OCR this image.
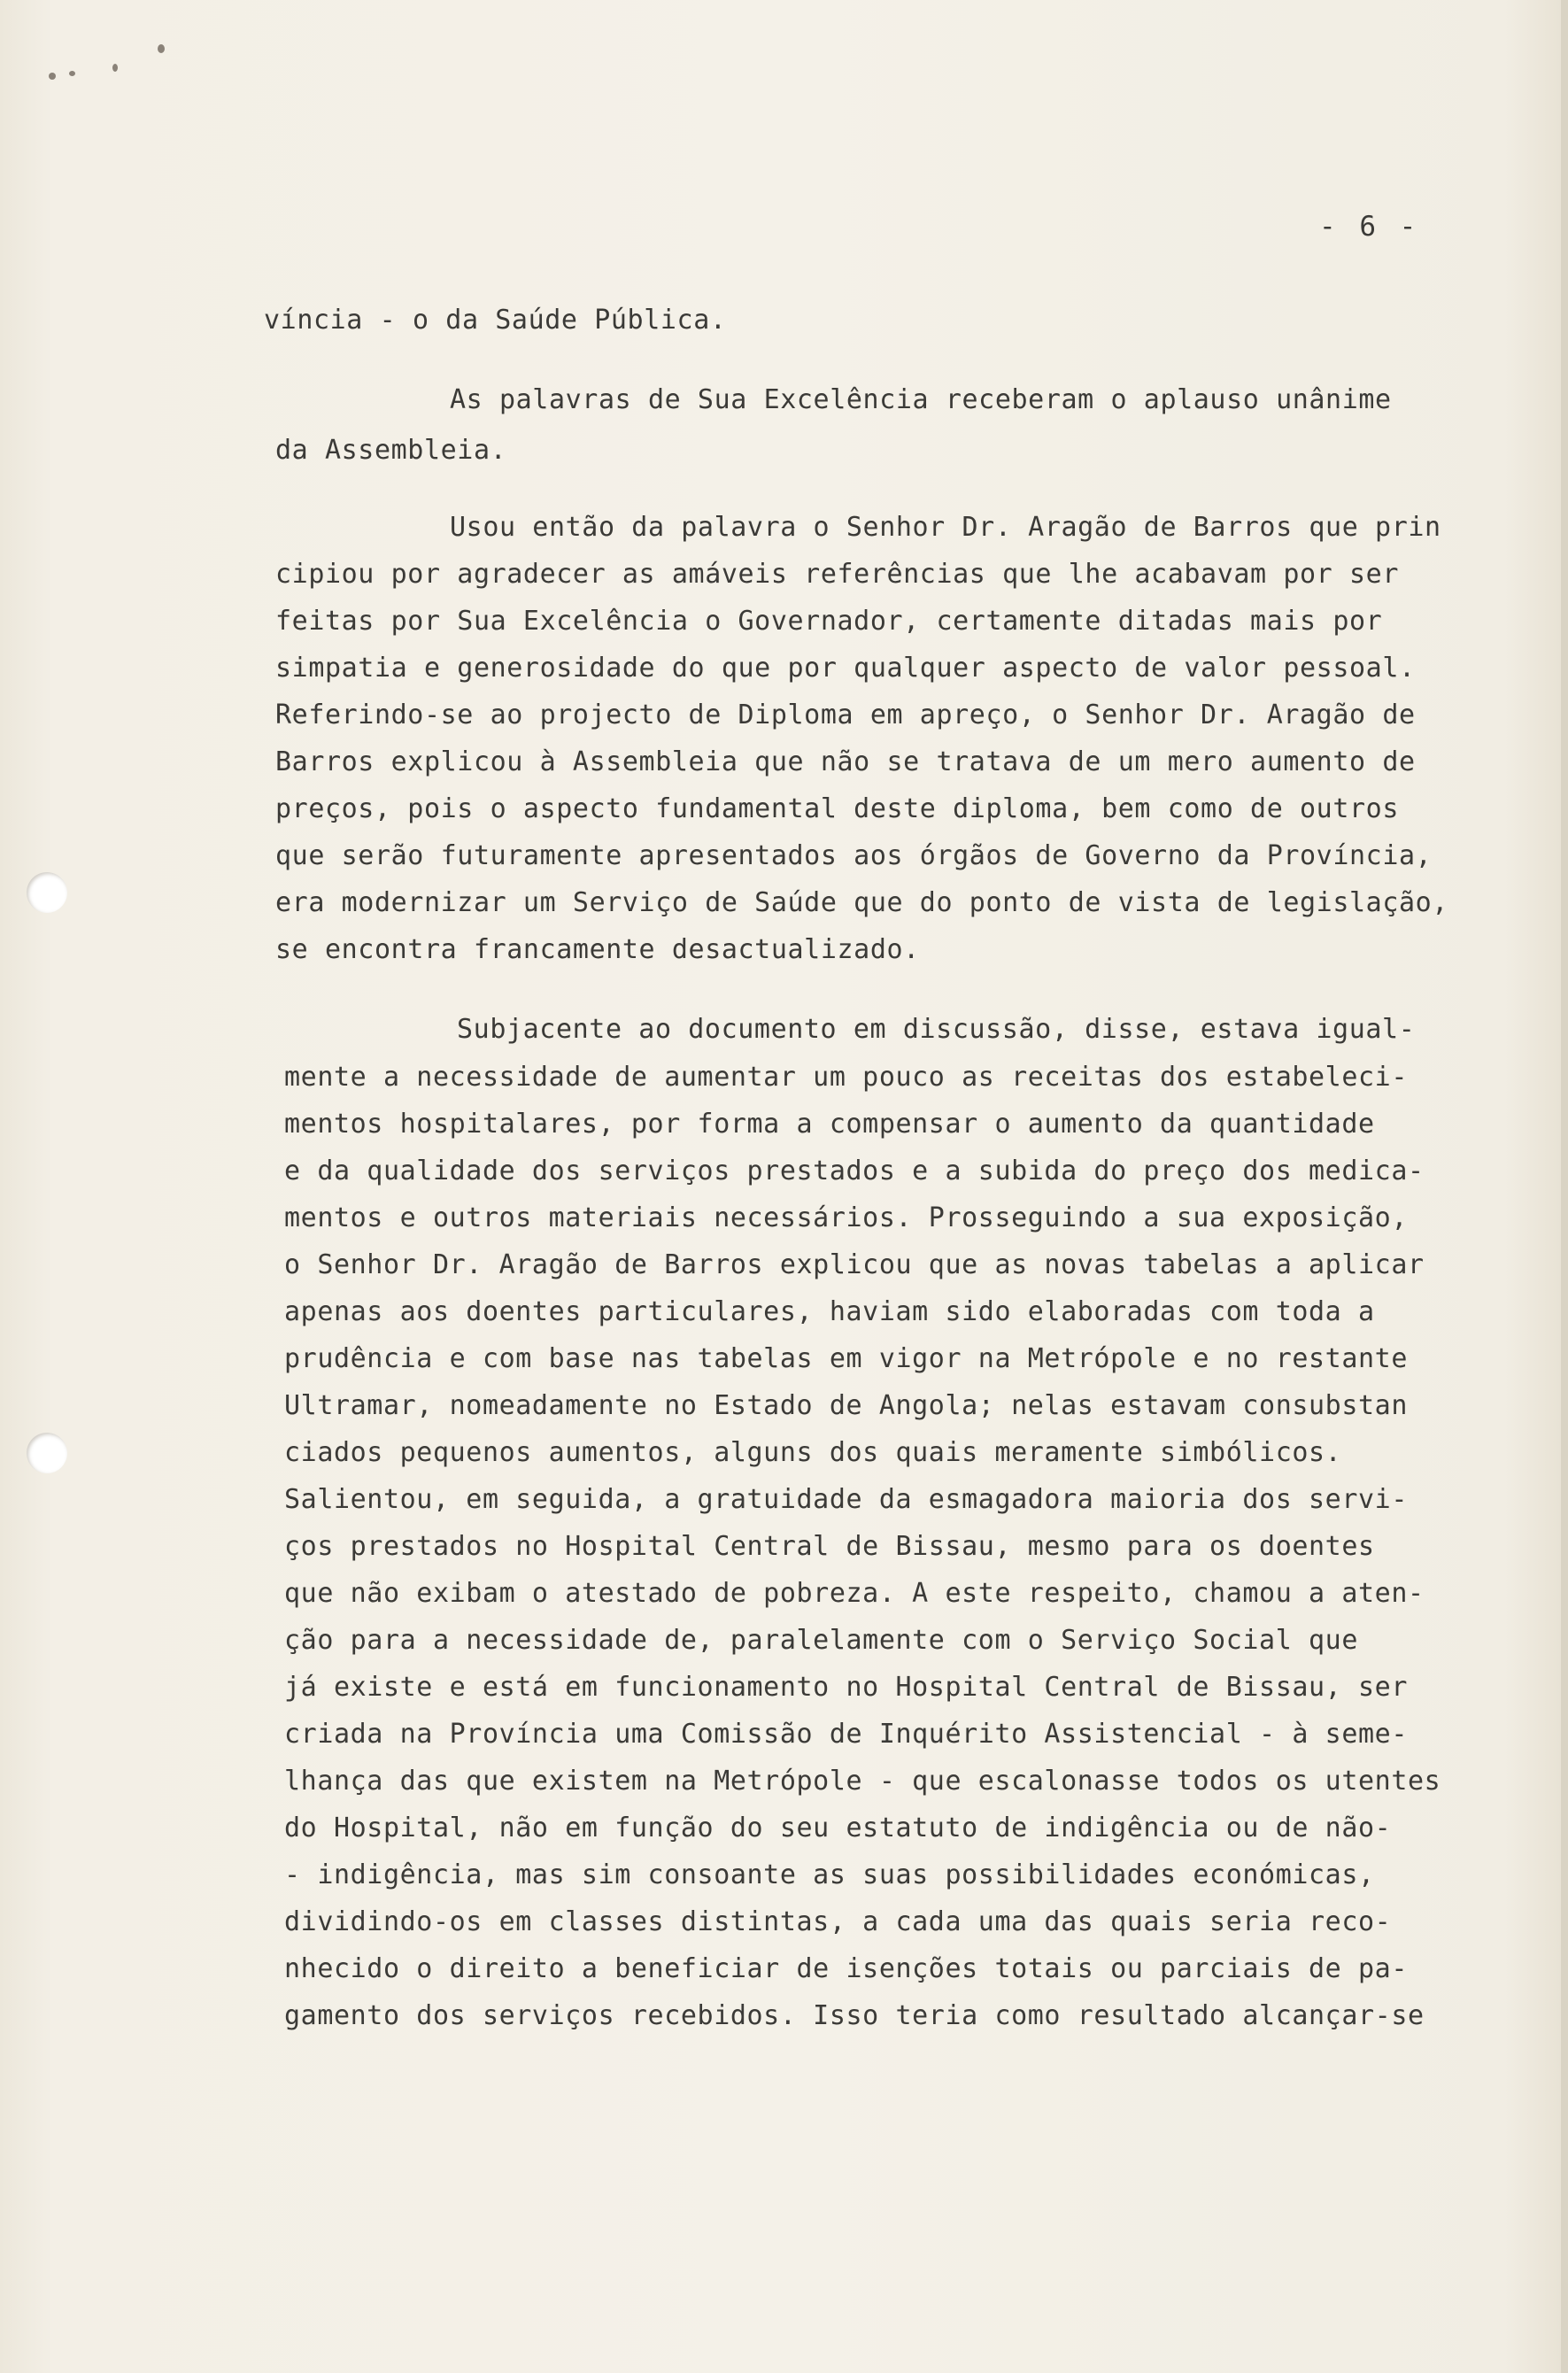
- 6 -
víncia - o da Saúde Pública.
As palavras de Sua Excelência receberam o aplauso unânime
da Assembleia.
Usou então da palavra o Senhor Dr. Aragão de Barros que prin
cipiou por agradecer as amáveis referências que lhe acabavam por ser
feitas por Sua Excelência o Governador, certamente ditadas mais por
simpatia e generosidade do que por qualquer aspecto de valor pessoal.
Referindo-se ao projecto de Diploma em apreço, o Senhor Dr. Aragão de
Barros explicou à Assembleia que não se tratava de um mero aumento de
preços, pois o aspecto fundamental deste diploma, bem como de outros
que serão futuramente apresentados aos órgãos de Governo da Província,
era modernizar um Serviço de Saúde que do ponto de vista de legislação,
se encontra francamente desactualizado.
Subjacente ao documento em discussão, disse, estava igual-
mente a necessidade de aumentar um pouco as receitas dos estabeleci-
mentos hospitalares, por forma a compensar o aumento da quantidade
e da qualidade dos serviços prestados e a subida do preço dos medica-
mentos e outros materiais necessários. Prosseguindo a sua exposição,
o Senhor Dr. Aragão de Barros explicou que as novas tabelas a aplicar
apenas aos doentes particulares, haviam sido elaboradas com toda a
prudência e com base nas tabelas em vigor na Metrópole e no restante
Ultramar, nomeadamente no Estado de Angola; nelas estavam consubstan
ciados pequenos aumentos, alguns dos quais meramente simbólicos.
Salientou, em seguida, a gratuidade da esmagadora maioria dos servi-
ços prestados no Hospital Central de Bissau, mesmo para os doentes
que não exibam o atestado de pobreza. A este respeito, chamou a aten-
ção para a necessidade de, paralelamente com o Serviço Social que
já existe e está em funcionamento no Hospital Central de Bissau, ser
criada na Província uma Comissão de Inquérito Assistencial - à seme-
lhança das que existem na Metrópole - que escalonasse todos os utentes
do Hospital, não em função do seu estatuto de indigência ou de não-
- indigência, mas sim consoante as suas possibilidades económicas,
dividindo-os em classes distintas, a cada uma das quais seria reco-
nhecido o direito a beneficiar de isenções totais ou parciais de pa-
gamento dos serviços recebidos. Isso teria como resultado alcançar-se
